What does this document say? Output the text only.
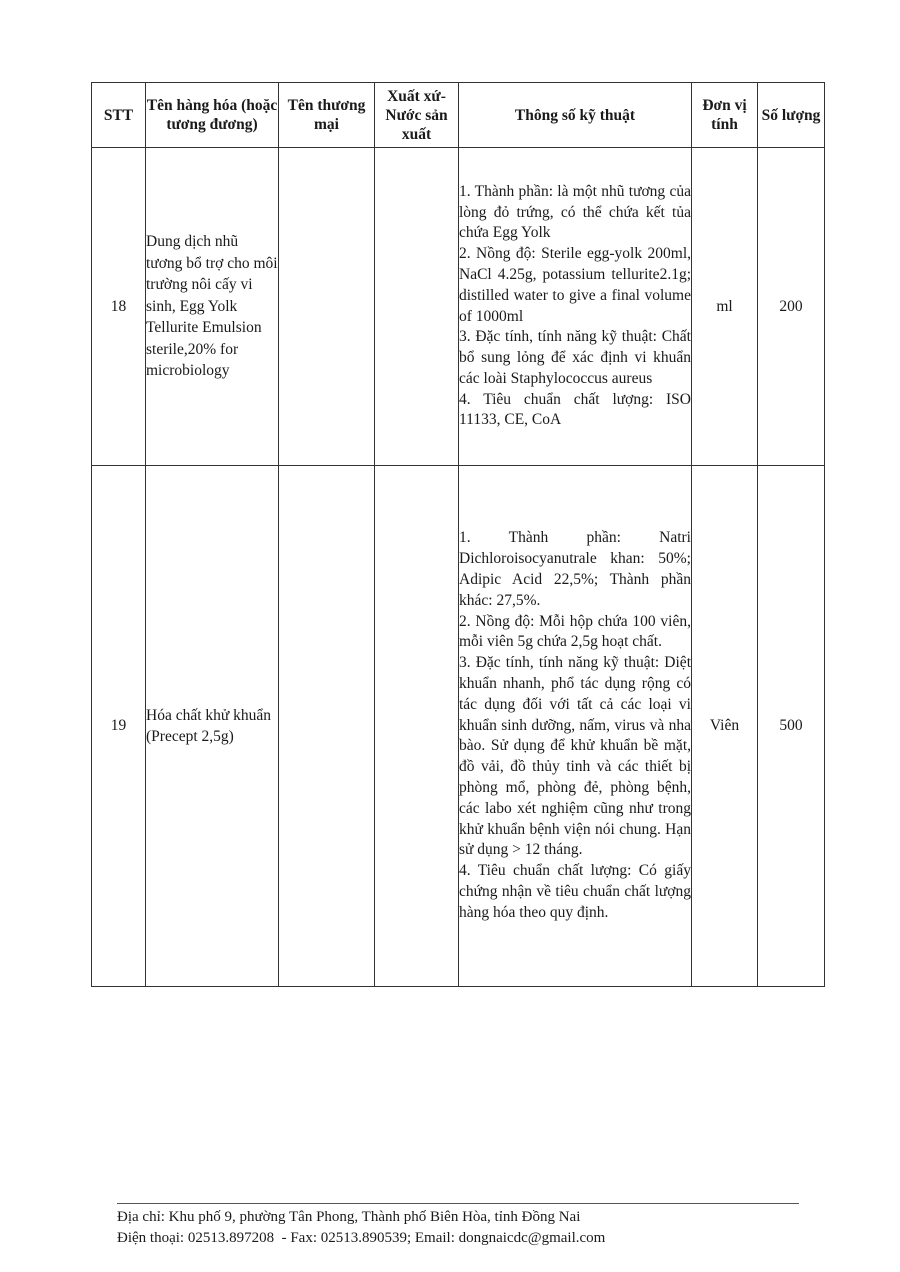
STT	Tên hàng hóa (hoặc tương đương)	Tên thương mại	Xuất xứ- Nước sản xuất	Thông số kỹ thuật	Đơn vị tính	Số lượng
18	Dung dịch nhũ tương bổ trợ cho môi trường nôi cấy vi sinh, Egg Yolk Tellurite Emulsion sterile,20% for microbiology			1. Thành phần: là một nhũ tương của lòng đỏ trứng, có thể chứa kết tủa chứa Egg Yolk
2. Nồng độ: Sterile egg-yolk 200ml, NaCl 4.25g, potassium tellurite2.1g; distilled water to give a final volume of 1000ml
3. Đặc tính, tính năng kỹ thuật: Chất bổ sung lỏng để xác định vi khuẩn các loài Staphylococcus aureus
4. Tiêu chuẩn chất lượng: ISO 11133, CE, CoA	ml	200
19	Hóa chất khử khuẩn (Precept 2,5g)			1. Thành phần: Natri Dichloroisocyanutrale khan: 50%; Adipic Acid 22,5%; Thành phần khác: 27,5%.
2. Nồng độ: Mỗi hộp chứa 100 viên, mỗi viên 5g chứa 2,5g hoạt chất.
3. Đặc tính, tính năng kỹ thuật: Diệt khuẩn nhanh, phổ tác dụng rộng có tác dụng đối với tất cả các loại vi khuẩn sinh dưỡng, nấm, virus và nha bào. Sử dụng để khử khuẩn bề mặt, đồ vải, đồ thủy tinh và các thiết bị phòng mổ, phòng đẻ, phòng bệnh, các labo xét nghiệm cũng như trong khử khuẩn bệnh viện nói chung. Hạn sử dụng > 12 tháng.
4. Tiêu chuẩn chất lượng: Có giấy chứng nhận về tiêu chuẩn chất lượng hàng hóa theo quy định.	Viên	500
Địa chỉ: Khu phố 9, phường Tân Phong, Thành phố Biên Hòa, tỉnh Đồng Nai
Điện thoại: 02513.897208  - Fax: 02513.890539; Email: dongnaicdc@gmail.com
